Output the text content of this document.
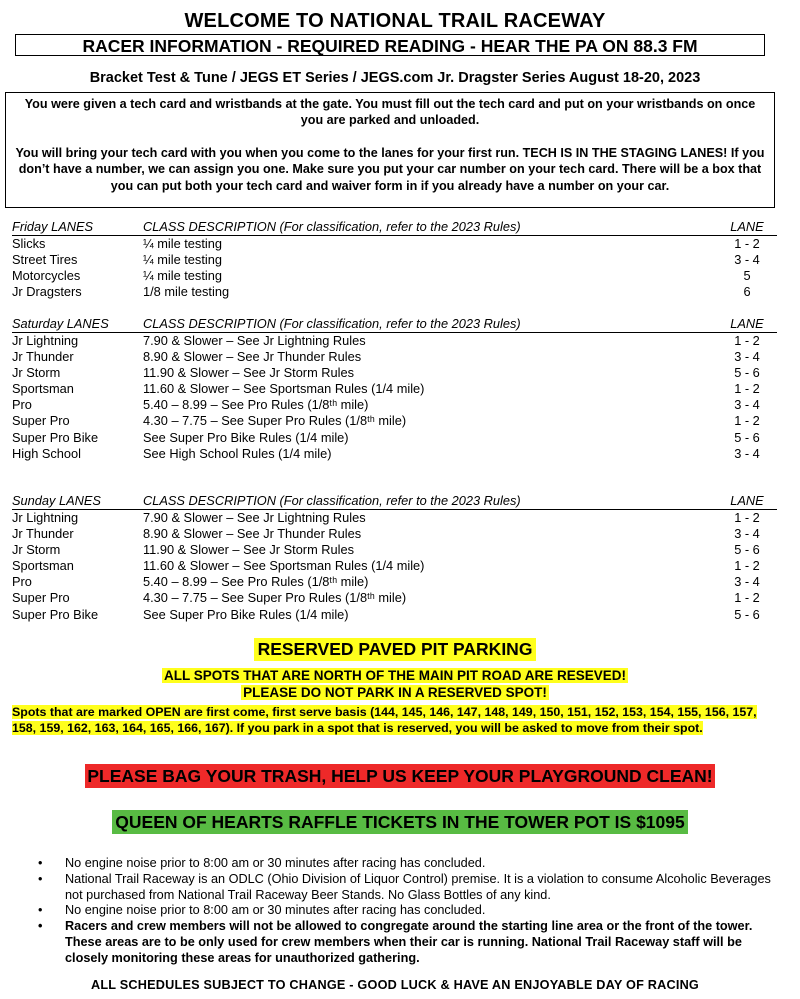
WELCOME TO NATIONAL TRAIL RACEWAY
RACER INFORMATION - REQUIRED READING - HEAR THE PA ON 88.3 FM
Bracket Test & Tune / JEGS ET Series / JEGS.com Jr. Dragster Series August 18-20, 2023

You were given a tech card and wristbands at the gate. You must fill out the tech card and put on your wristbands on once you are parked and unloaded.

You will bring your tech card with you when you come to the lanes for your first run. TECH IS IN THE STAGING LANES! If you don’t have a number, we can assign you one. Make sure you put your car number on your tech card. There will be a box that you can put both your tech card and waiver form in if you already have a number on your car.

Friday LANES	CLASS DESCRIPTION (For classification, refer to the 2023 Rules)	LANE
Slicks	¼ mile testing	1 - 2
Street Tires	¼ mile testing	3 - 4
Motorcycles	¼ mile testing	5
Jr Dragsters	1/8 mile testing	6
Saturday LANES	CLASS DESCRIPTION (For classification, refer to the 2023 Rules)	LANE
Jr Lightning	7.90 & Slower – See Jr Lightning Rules	1 - 2
Jr Thunder	8.90 & Slower – See Jr Thunder Rules	3 - 4
Jr Storm	11.90 & Slower – See Jr Storm Rules	5 - 6
Sportsman	11.60 & Slower – See Sportsman Rules (1/4 mile)	1 - 2
Pro	5.40 – 8.99 – See Pro Rules (1/8ᵗʰ mile)	3 - 4
Super Pro	4.30 – 7.75 – See Super Pro Rules (1/8ᵗʰ mile)	1 - 2
Super Pro Bike	See Super Pro Bike Rules (1/4 mile)	5 - 6
High School	See High School Rules (1/4 mile)	3 - 4
Sunday LANES	CLASS DESCRIPTION (For classification, refer to the 2023 Rules)	LANE
Jr Lightning	7.90 & Slower – See Jr Lightning Rules	1 - 2
Jr Thunder	8.90 & Slower – See Jr Thunder Rules	3 - 4
Jr Storm	11.90 & Slower – See Jr Storm Rules	5 - 6
Sportsman	11.60 & Slower – See Sportsman Rules (1/4 mile)	1 - 2
Pro	5.40 – 8.99 – See Pro Rules (1/8ᵗʰ mile)	3 - 4
Super Pro	4.30 – 7.75 – See Super Pro Rules (1/8ᵗʰ mile)	1 - 2
Super Pro Bike	See Super Pro Bike Rules (1/4 mile)	5 - 6
RESERVED PAVED PIT PARKING
ALL SPOTS THAT ARE NORTH OF THE MAIN PIT ROAD ARE RESEVED!
PLEASE DO NOT PARK IN A RESERVED SPOT!
Spots that are marked OPEN are first come, first serve basis (144, 145, 146, 147, 148, 149, 150, 151, 152, 153, 154, 155, 156, 157, 158, 159, 162, 163, 164, 165, 166, 167). If you park in a spot that is reserved, you will be asked to move from their spot.
PLEASE BAG YOUR TRASH, HELP US KEEP YOUR PLAYGROUND CLEAN!
QUEEN OF HEARTS RAFFLE TICKETS IN THE TOWER POT IS $1095
• No engine noise prior to 8:00 am or 30 minutes after racing has concluded.
• National Trail Raceway is an ODLC (Ohio Division of Liquor Control) premise. It is a violation to consume Alcoholic Beverages not purchased from National Trail Raceway Beer Stands. No Glass Bottles of any kind.
• No engine noise prior to 8:00 am or 30 minutes after racing has concluded.
• Racers and crew members will not be allowed to congregate around the starting line area or the front of the tower. These areas are to be only used for crew members when their car is running. National Trail Raceway staff will be closely monitoring these areas for unauthorized gathering.
ALL SCHEDULES SUBJECT TO CHANGE - GOOD LUCK & HAVE AN ENJOYABLE DAY OF RACING
